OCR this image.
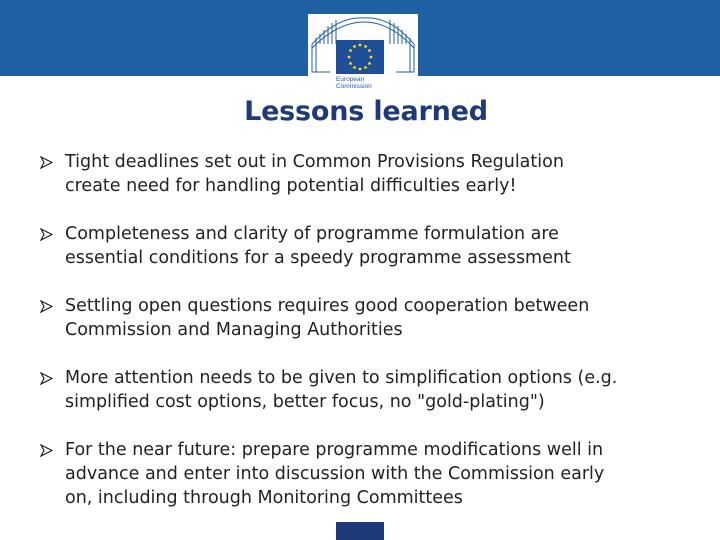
European
Commission
Lessons learned
Tight deadlines set out in Common Provisions Regulation
create need for handling potential difficulties early!
Completeness and clarity of programme formulation are
essential conditions for a speedy programme assessment
Settling open questions requires good cooperation between
Commission and Managing Authorities
More attention needs to be given to simplification options (e.g.
simplified cost options, better focus, no "gold-plating")
For the near future: prepare programme modifications well in
advance and enter into discussion with the Commission early
on, including through Monitoring Committees
